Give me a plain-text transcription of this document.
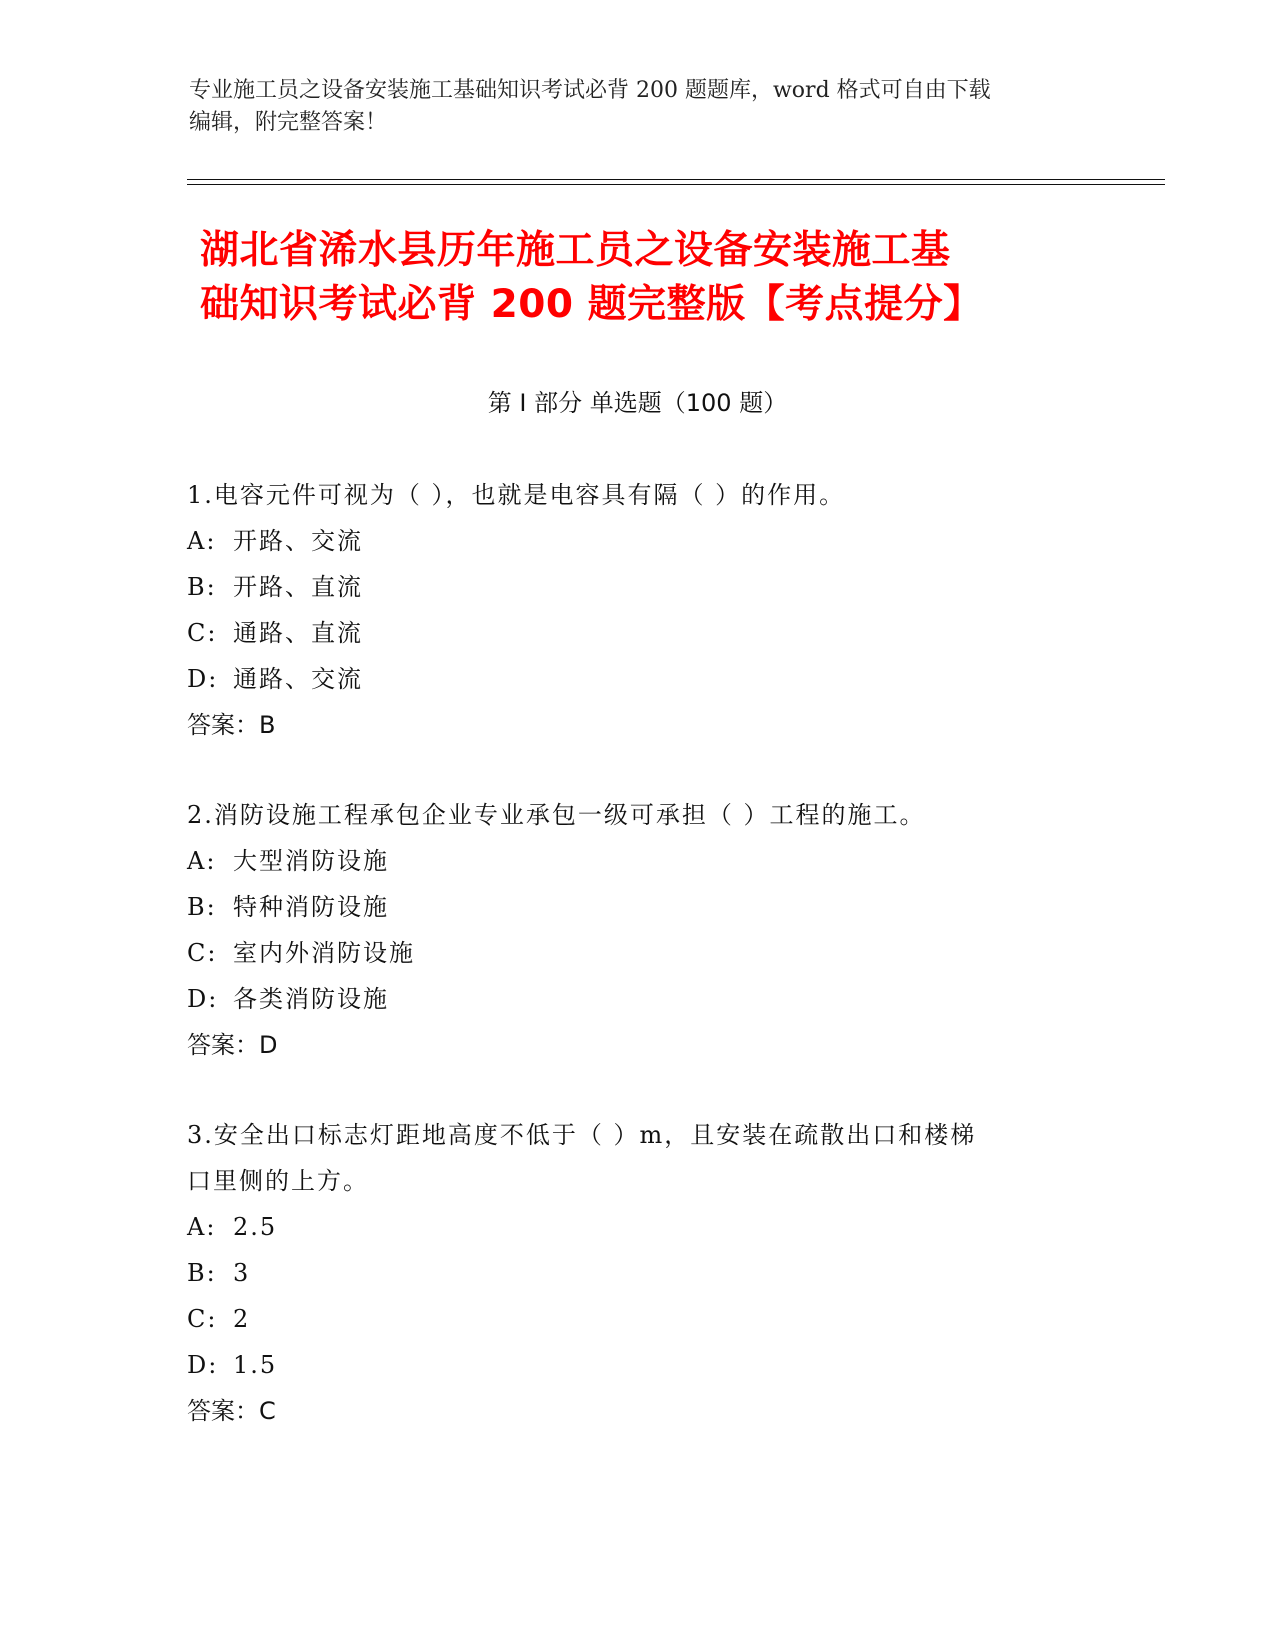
专业施工员之设备安装施工基础知识考试必背 200 题题库，word 格式可自由下载
编辑，附完整答案！
湖北省浠水县历年施工员之设备安装施工基
础知识考试必背 200 题完整版【考点提分】
第 I 部分 单选题（100 题）
1.电容元件可视为（ ），也就是电容具有隔（ ）的作用。
A: 开路、交流
B: 开路、直流
C: 通路、直流
D: 通路、交流
答案：B
2.消防设施工程承包企业专业承包一级可承担（ ）工程的施工。
A: 大型消防设施
B: 特种消防设施
C: 室内外消防设施
D: 各类消防设施
答案：D
3.安全出口标志灯距地高度不低于（ ）m，且安装在疏散出口和楼梯
口里侧的上方。
A: 2.5
B: 3
C: 2
D: 1.5
答案：C
